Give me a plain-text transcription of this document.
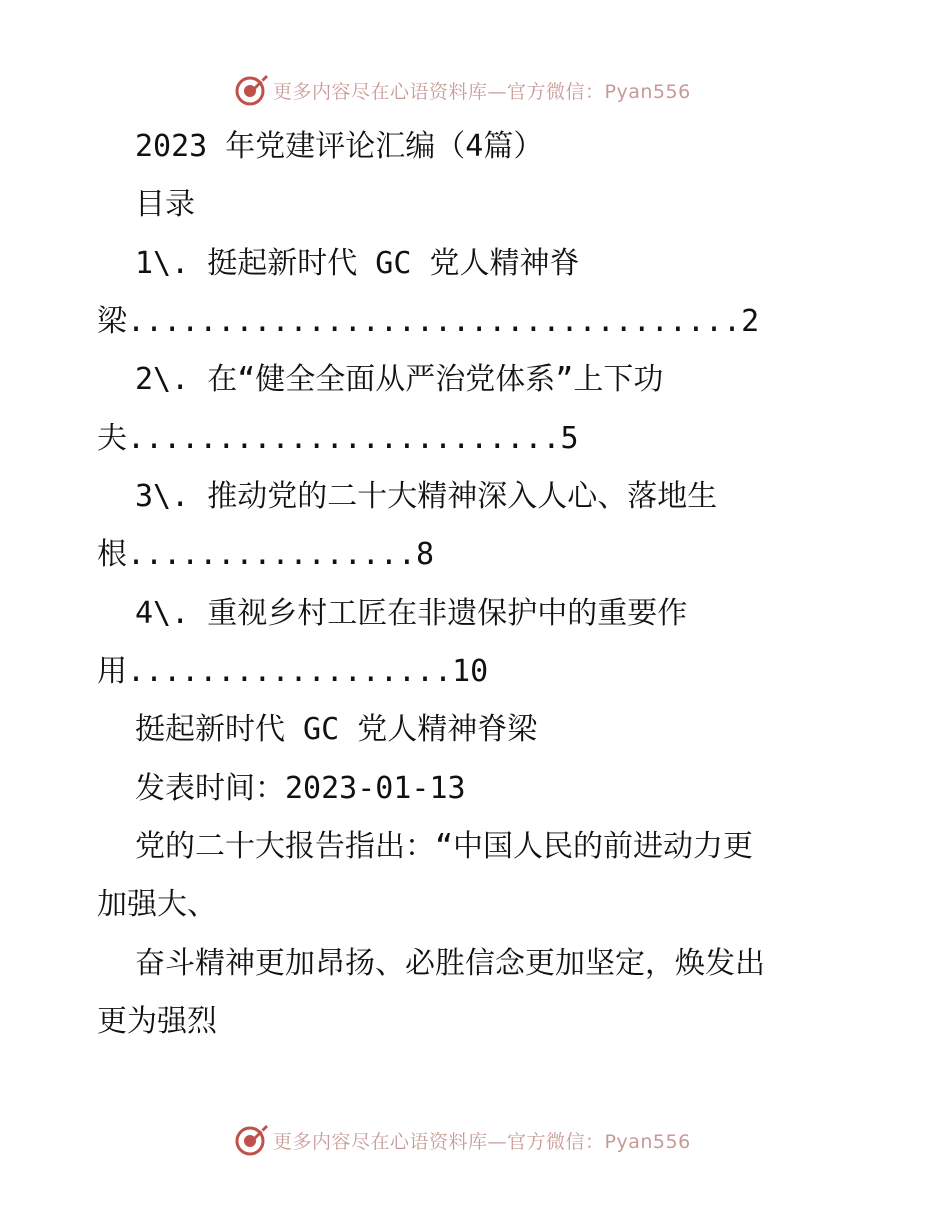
更多内容尽在心语资料库—官方微信：Pyan556
2023 年党建评论汇编（4篇）
目录
1\. 挺起新时代 GC 党人精神脊
梁..................................2
2\. 在“健全全面从严治党体系”上下功
夫........................5
3\. 推动党的二十大精神深入人心、落地生
根................8
4\. 重视乡村工匠在非遗保护中的重要作
用..................10
挺起新时代 GC 党人精神脊梁
发表时间：2023-01-13
党的二十大报告指出：“中国人民的前进动力更
加强大、
奋斗精神更加昂扬、必胜信念更加坚定，焕发出
更为强烈
更多内容尽在心语资料库—官方微信：Pyan556
